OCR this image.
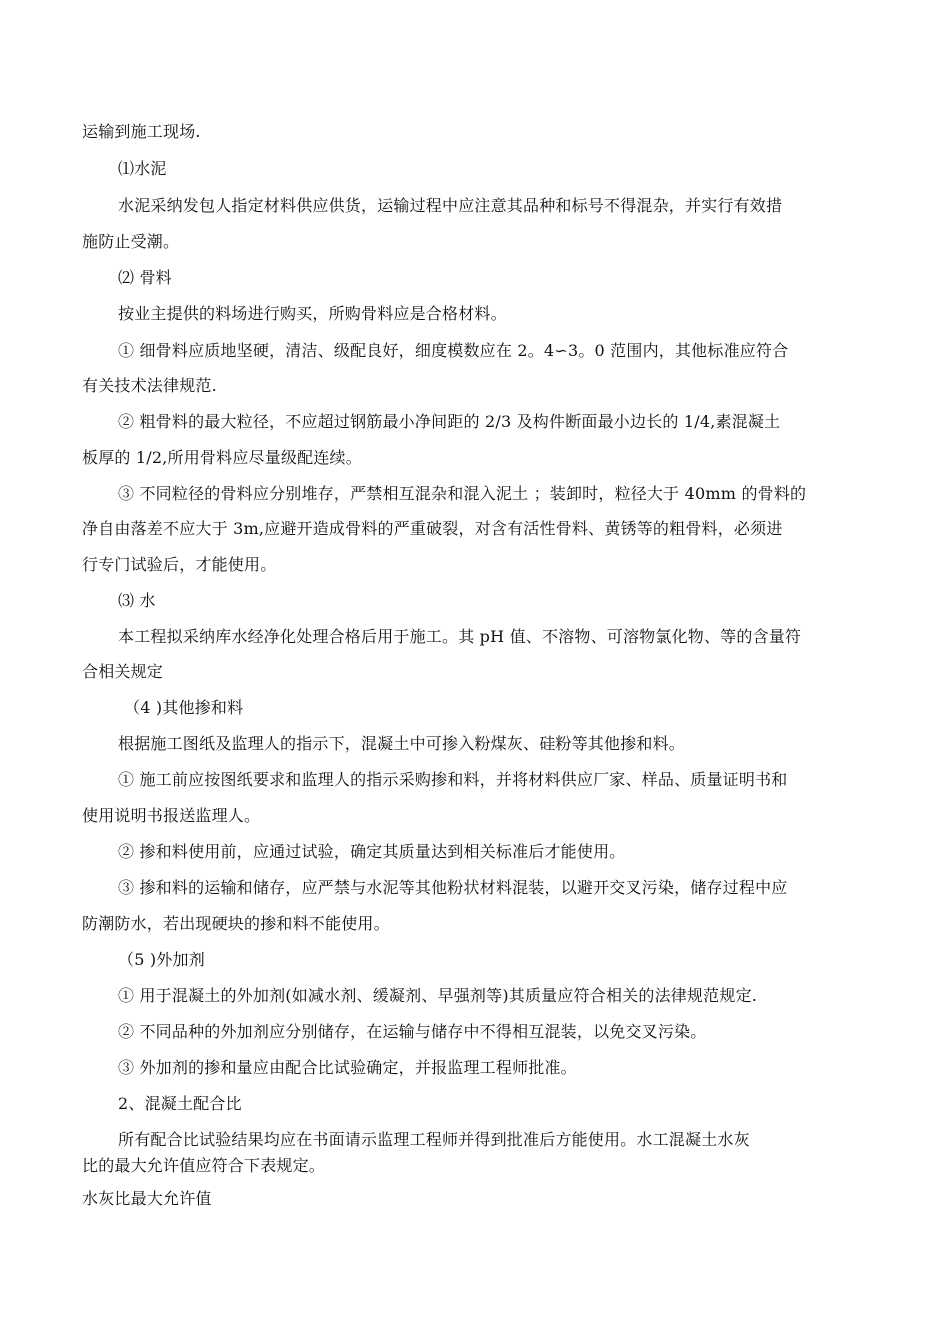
运输到施工现场.
⑴水泥
水泥采纳发包人指定材料供应供货，运输过程中应注意其品种和标号不得混杂，并实行有效措
施防止受潮。
⑵ 骨料
按业主提供的料场进行购买，所购骨料应是合格材料。
① 细骨料应质地坚硬，清洁、级配良好，细度模数应在 2。4∽3。0 范围内，其他标准应符合
有关技术法律规范.
② 粗骨料的最大粒径，不应超过钢筋最小净间距的 2/3 及构件断面最小边长的 1/4,素混凝土
板厚的 1/2,所用骨料应尽量级配连续。
③ 不同粒径的骨料应分别堆存，严禁相互混杂和混入泥土 ；装卸时，粒径大于 40mm 的骨料的
净自由落差不应大于 3m,应避开造成骨料的严重破裂，对含有活性骨料、黄锈等的粗骨料，必须进
行专门试验后，才能使用。
⑶ 水
本工程拟采纳库水经净化处理合格后用于施工。其 pH 值、不溶物、可溶物氯化物、等的含量符
合相关规定
（4 )其他掺和料
根据施工图纸及监理人的指示下，混凝土中可掺入粉煤灰、硅粉等其他掺和料。
① 施工前应按图纸要求和监理人的指示采购掺和料，并将材料供应厂家、样品、质量证明书和
使用说明书报送监理人。
② 掺和料使用前，应通过试验，确定其质量达到相关标准后才能使用。
③ 掺和料的运输和储存，应严禁与水泥等其他粉状材料混装，以避开交叉污染，储存过程中应
防潮防水，若出现硬块的掺和料不能使用。
（5 )外加剂
① 用于混凝土的外加剂(如减水剂、缓凝剂、早强剂等)其质量应符合相关的法律规范规定.
② 不同品种的外加剂应分别储存，在运输与储存中不得相互混装，以免交叉污染。
③ 外加剂的掺和量应由配合比试验确定，并报监理工程师批准。
2、混凝土配合比
所有配合比试验结果均应在书面请示监理工程师并得到批准后方能使用。水工混凝土水灰
比的最大允许值应符合下表规定。
水灰比最大允许值
